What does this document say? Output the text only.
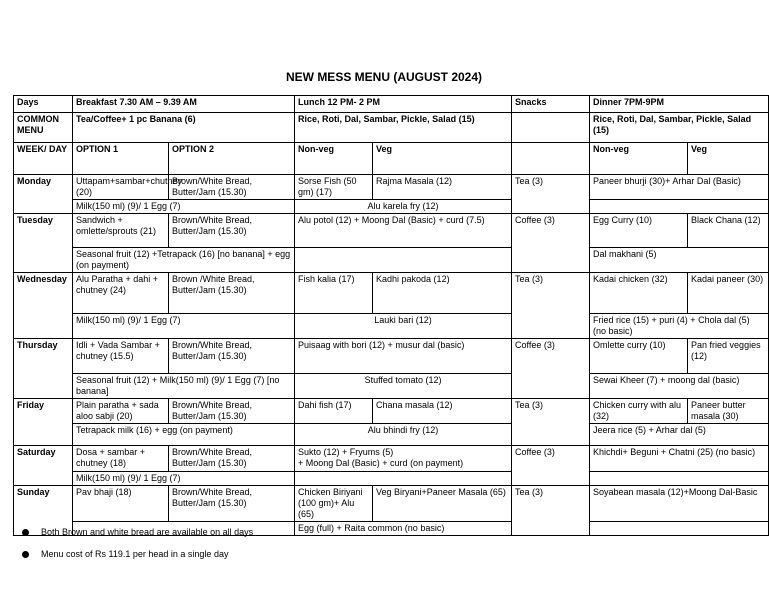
NEW MESS MENU (AUGUST 2024)
Days	Breakfast 7.30 AM – 9.39 AM		Lunch 12 PM- 2 PM		Snacks	Dinner 7PM-9PM	
COMMON MENU	Tea/Coffee+ 1 pc Banana (6)		Rice, Roti, Dal, Sambar, Pickle, Salad (15)			Rice, Roti, Dal, Sambar, Pickle, Salad (15)	
WEEK/ DAY	OPTION 1	OPTION 2	Non-veg	Veg		Non-veg	Veg
Monday	Uttapam+sambar+chutney (20)	Brown/White Bread, Butter/Jam (15.30)	Sorse Fish (50 gm) (17)	Rajma Masala (12)	Tea (3)	Paneer bhurji (30)+ Arhar Dal (Basic)	
	Milk(150 ml) (9)/ 1 Egg (7)		Alu karela fry (12)				
Tuesday	Sandwich + omlette/sprouts (21)	Brown/White Bread, Butter/Jam (15.30)	Alu potol (12) + Moong Dal (Basic) + curd (7.5)		Coffee (3)	Egg Curry (10)	Black Chana (12)
	Seasonal fruit (12) +Tetrapack (16) [no banana] + egg (on payment)					Dal makhani (5)	
Wednesday	Alu Paratha + dahi + chutney (24)	Brown /White Bread, Butter/Jam (15.30)	Fish kalia (17)	Kadhi pakoda (12)	Tea (3)	Kadai chicken (32)	Kadai paneer (30)
	Milk(150 ml) (9)/ 1 Egg (7)		Lauki bari (12)			Fried rice (15) + puri (4) + Chola dal (5) (no basic)	
Thursday	Idli + Vada Sambar + chutney (15.5)	Brown/White Bread, Butter/Jam (15.30)	Puisaag with bori (12) + musur dal (basic)		Coffee (3)	Omlette curry (10)	Pan fried veggies (12)
	Seasonal fruit (12) + Milk(150 ml) (9)/ 1 Egg (7) [no banana]		Stuffed tomato (12)			Sewai Kheer (7) + moong dal (basic)	
Friday	Plain paratha + sada aloo sabji (20)	Brown/White Bread, Butter/Jam (15.30)	Dahi fish (17)	Chana masala (12)	Tea (3)	Chicken curry with alu (32)	Paneer butter masala (30)
	Tetrapack milk (16) + egg (on payment)		Alu bhindi fry (12)			Jeera rice (5) + Arhar dal (5)	
Saturday	Dosa + sambar + chutney (18)	Brown/White Bread, Butter/Jam (15.30)	Sukto (12) + Fryums (5)
+ Moong Dal (Basic) + curd (on payment)		Coffee (3)	Khichdi+ Beguni + Chatni (25) (no basic)	
	Milk(150 ml) (9)/ 1 Egg (7)						
Sunday	Pav bhaji (18)	Brown/White Bread, Butter/Jam (15.30)	Chicken Biriyani (100 gm)+ Alu (65)	Veg Biryani+Paneer Masala (65)	Tea (3)	Soyabean masala (12)+Moong Dal-Basic	
			Egg (full) + Raita common (no basic)				
Both Brown and white bread are available on all days
Menu cost of Rs 119.1 per head in a single day
